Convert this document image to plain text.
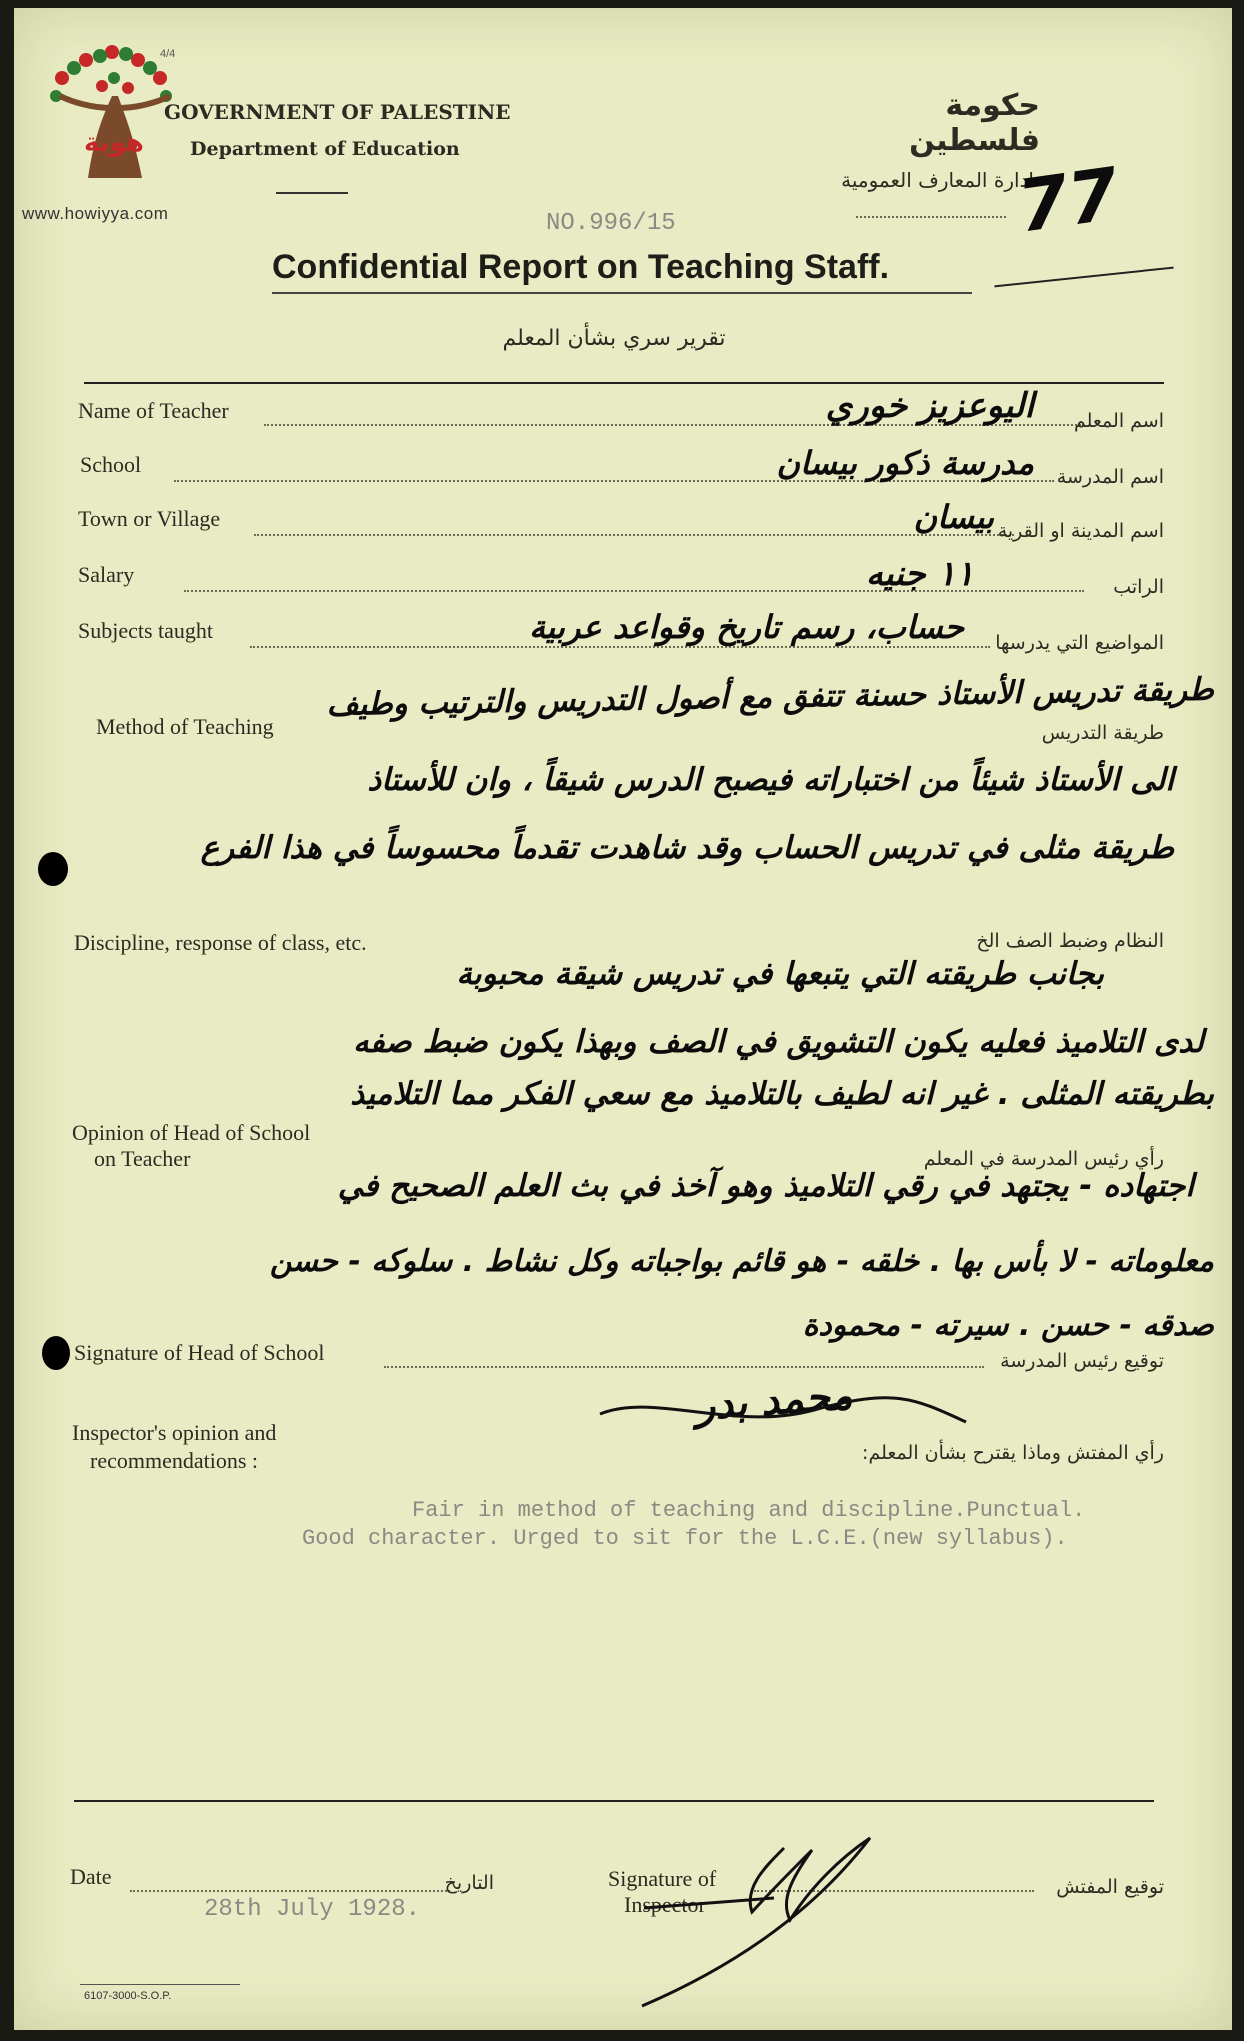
هوية
www.howiyya.com
4/4
GOVERNMENT OF PALESTINE
Department of Education
حكومة فلسطين
ادارة المعارف العمومية
77
NO.996/15
Confidential Report on Teaching Staff.
تقرير سري بشأن المعلم
Name of Teacher	اسم المعلم
اليوعزيز خوري
School	اسم المدرسة
مدرسة ذكور بيسان
Town or Village	اسم المدينة او القرية
بيسان
Salary	الراتب
١١ جنيه
Subjects taught	المواضيع التي يدرسها
حساب، رسم تاريخ وقواعد عربية
Method of Teaching	طريقة التدريس
طريقة تدريس الأستاذ حسنة تتفق مع أصول التدريس والترتيب وطيف
الى الأستاذ شيئاً من اختباراته فيصبح الدرس شيقاً ، وان للأستاذ
طريقة مثلى في تدريس الحساب وقد شاهدت تقدماً محسوساً في هذا الفرع
Discipline, response of class, etc.	النظام وضبط الصف الخ
بجانب طريقته التي يتبعها في تدريس شيقة محبوبة
لدى التلاميذ فعليه يكون التشويق في الصف وبهذا يكون ضبط صفه
بطريقته المثلى . غير انه لطيف بالتلاميذ مع سعي الفكر مما التلاميذ
Opinion of Head of School
on Teacher	رأي رئيس المدرسة في المعلم
اجتهاده - يجتهد في رقي التلاميذ وهو آخذ في بث العلم الصحيح في
معلوماته - لا بأس بها . خلقه - هو قائم بواجباته وكل نشاط . سلوكه - حسن
صدقه - حسن . سيرته - محمودة
Signature of Head of School	توقيع رئيس المدرسة
محمد بدر
Inspector's opinion and
recommendations :	رأي المفتش وماذا يقترح بشأن المعلم:
Fair in method of teaching and discipline.Punctual.
Good character. Urged to sit for the L.C.E.(new syllabus).
Date	التاريخ
28th July 1928.
Signature of
Inspector
توقيع المفتش
6107-3000-S.O.P.
